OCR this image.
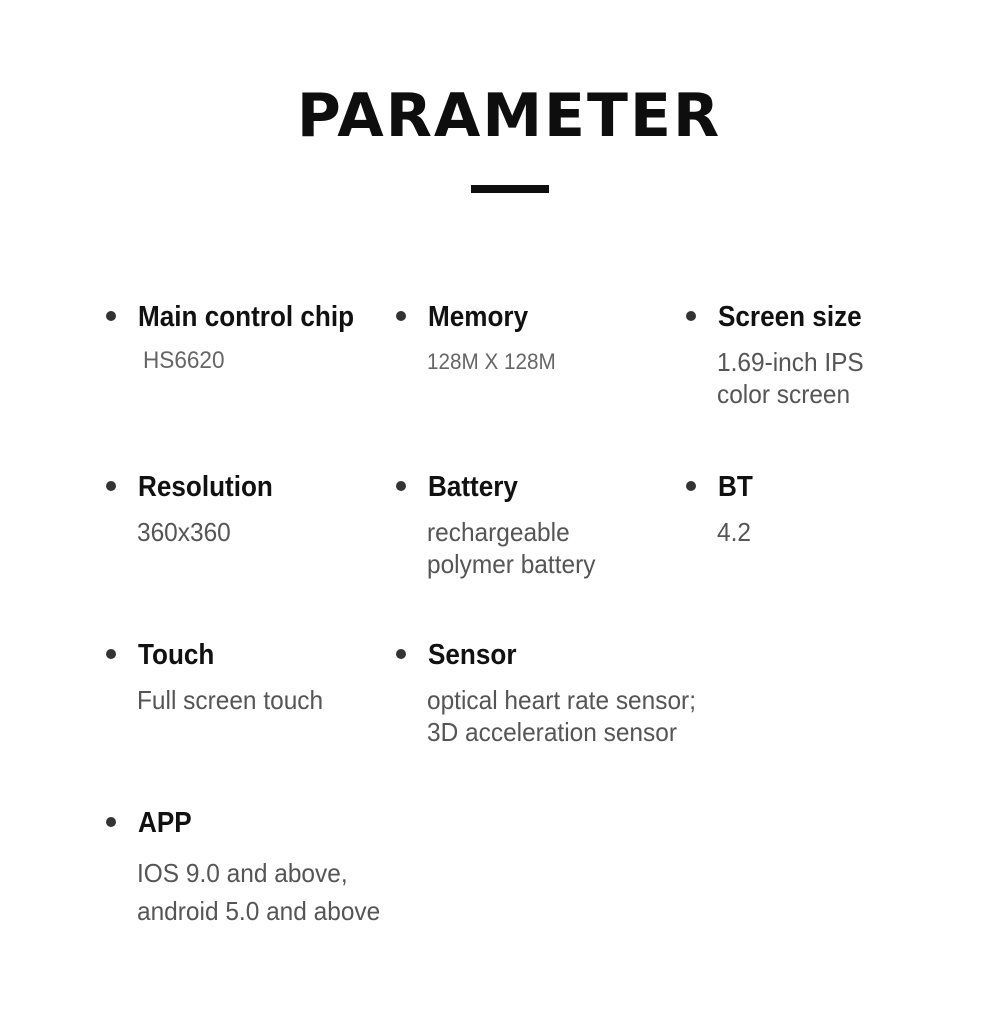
PARAMETER
Main control chip
HS6620
Memory
128M X 128M
Screen size
1.69-inch IPS
color screen
Resolution
360x360
Battery
rechargeable
polymer battery
BT
4.2
Touch
Full screen touch
Sensor
optical heart rate sensor;
3D acceleration sensor
APP
IOS 9.0 and above,
android 5.0 and above
